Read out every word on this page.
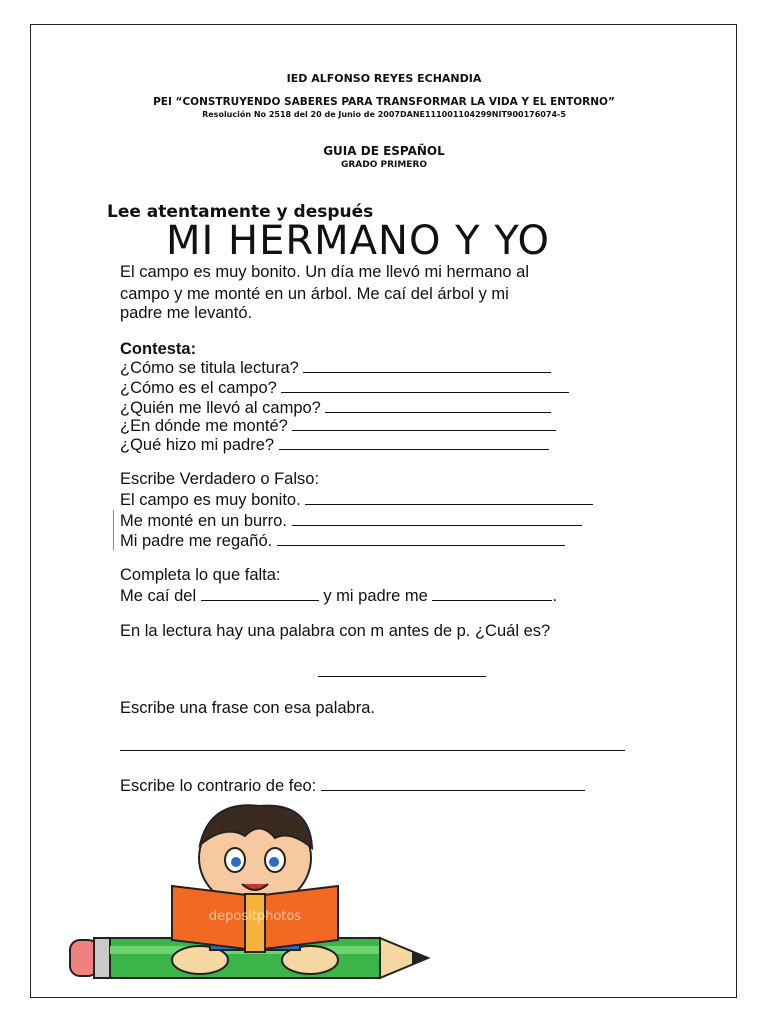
IED ALFONSO REYES ECHANDIA
PEI “CONSTRUYENDO SABERES PARA TRANSFORMAR LA VIDA Y EL ENTORNO”
Resolución No 2518 del 20 de Junio de 2007DANE111001104299NIT900176074-5
GUIA DE ESPAÑOL
GRADO PRIMERO
Lee atentamente y después
MI HERMANO Y YO
El campo es muy bonito. Un día me llevó mi hermano al
campo y me monté en un árbol. Me caí del árbol y mi
padre me levantó.
Contesta:
¿Cómo se titula lectura?
¿Cómo es el campo?
¿Quién me llevó al campo?
¿En dónde me monté?
¿Qué hizo mi padre?
Escribe Verdadero o Falso:
El campo es muy bonito.
Me monté en un burro.
Mi padre me regañó.
Completa lo que falta:
Me caí del	y mi padre me	.
En la lectura hay una palabra con m antes de p. ¿Cuál es?
Escribe una frase con esa palabra.
Escribe lo contrario de feo:
depositphotos
